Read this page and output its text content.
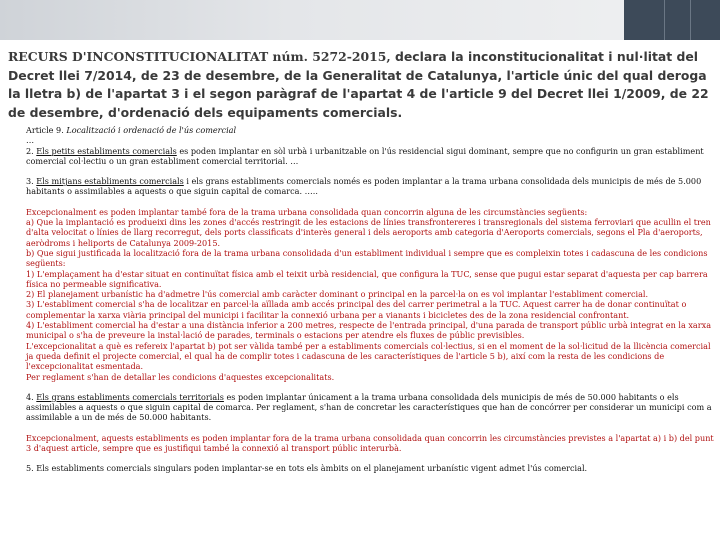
RECURS D'INCONSTITUCIONALITAT núm. 5272-2015, declara la inconstitucionalitat i nul·litat del Decret llei 7/2014, de 23 de desembre, de la Generalitat de Catalunya, l'article únic del qual deroga la lletra b) de l'apartat 3 i el segon paràgraf de l'apartat 4 de l'article 9 del Decret llei 1/2009, de 22 de desembre, d'ordenació dels equipaments comercials.

Article 9. Localització i ordenació de l'ús comercial

…

2. Els petits establiments comercials es poden implantar en sòl urbà i urbanitzable on l'ús residencial sigui dominant, sempre que no configurin un gran establiment comercial col·lectiu o un gran establiment comercial territorial. …

3. Els mitjans establiments comercials i els grans establiments comercials només es poden implantar a la trama urbana consolidada dels municipis de més de 5.000 habitants o assimilables a aquests o que siguin capital de comarca. …..

Excepcionalment es poden implantar també fora de la trama urbana consolidada quan concorrin alguna de les circumstàncies següents:

a) Que la implantació es produeixi dins les zones d'accés restringit de les estacions de línies transfrontereres i transregionals del sistema ferroviari que acullin el tren d'alta velocitat o línies de llarg recorregut, dels ports classificats d'interès general i dels aeroports amb categoria d'Aeroports comercials, segons el Pla d'aeroports, aeròdroms i heliports de Catalunya 2009-2015.

b) Que sigui justificada la localització fora de la trama urbana consolidada d'un establiment individual i sempre que es compleixin totes i cadascuna de les condicions següents:

1) L'emplaçament ha d'estar situat en continuïtat física amb el teixit urbà residencial, que configura la TUC, sense que pugui estar separat d'aquesta per cap barrera física no permeable significativa.

2) El planejament urbanístic ha d'admetre l'ús comercial amb caràcter dominant o principal en la parcel·la on es vol implantar l'establiment comercial.

3) L'establiment comercial s'ha de localitzar en parcel·la aïllada amb accés principal des del carrer perimetral a la TUC. Aquest carrer ha de donar continuïtat o complementar la xarxa viària principal del municipi i facilitar la connexió urbana per a vianants i bicicletes des de la zona residencial confrontant.

4) L'establiment comercial ha d'estar a una distància inferior a 200 metres, respecte de l'entrada principal, d'una parada de transport públic urbà integrat en la xarxa municipal o s'ha de preveure la instal·lació de parades, terminals o estacions per atendre els fluxes de públic previsibles.

L'excepcionalitat a què es refereix l'apartat b) pot ser vàlida també per a establiments comercials col·lectius, si en el moment de la sol·licitud de la llicència comercial ja queda definit el projecte comercial, el qual ha de complir totes i cadascuna de les característiques de l'article 5 b), així com la resta de les condicions de l'excepcionalitat esmentada.

Per reglament s'han de detallar les condicions d'aquestes excepcionalitats.

4. Els grans establiments comercials territorials es poden implantar únicament a la trama urbana consolidada dels municipis de més de 50.000 habitants o els assimilables a aquests o que siguin capital de comarca. Per reglament, s'han de concretar les característiques que han de concórrer per considerar un municipi com a assimilable a un de més de 50.000 habitants.

Excepcionalment, aquests establiments es poden implantar fora de la trama urbana consolidada quan concorrin les circumstàncies previstes a l'apartat a) i b) del punt 3 d'aquest article, sempre que es justifiqui també la connexió al transport públic interurbà.

5. Els establiments comercials singulars poden implantar-se en tots els àmbits on el planejament urbanístic vigent admet l'ús comercial.
